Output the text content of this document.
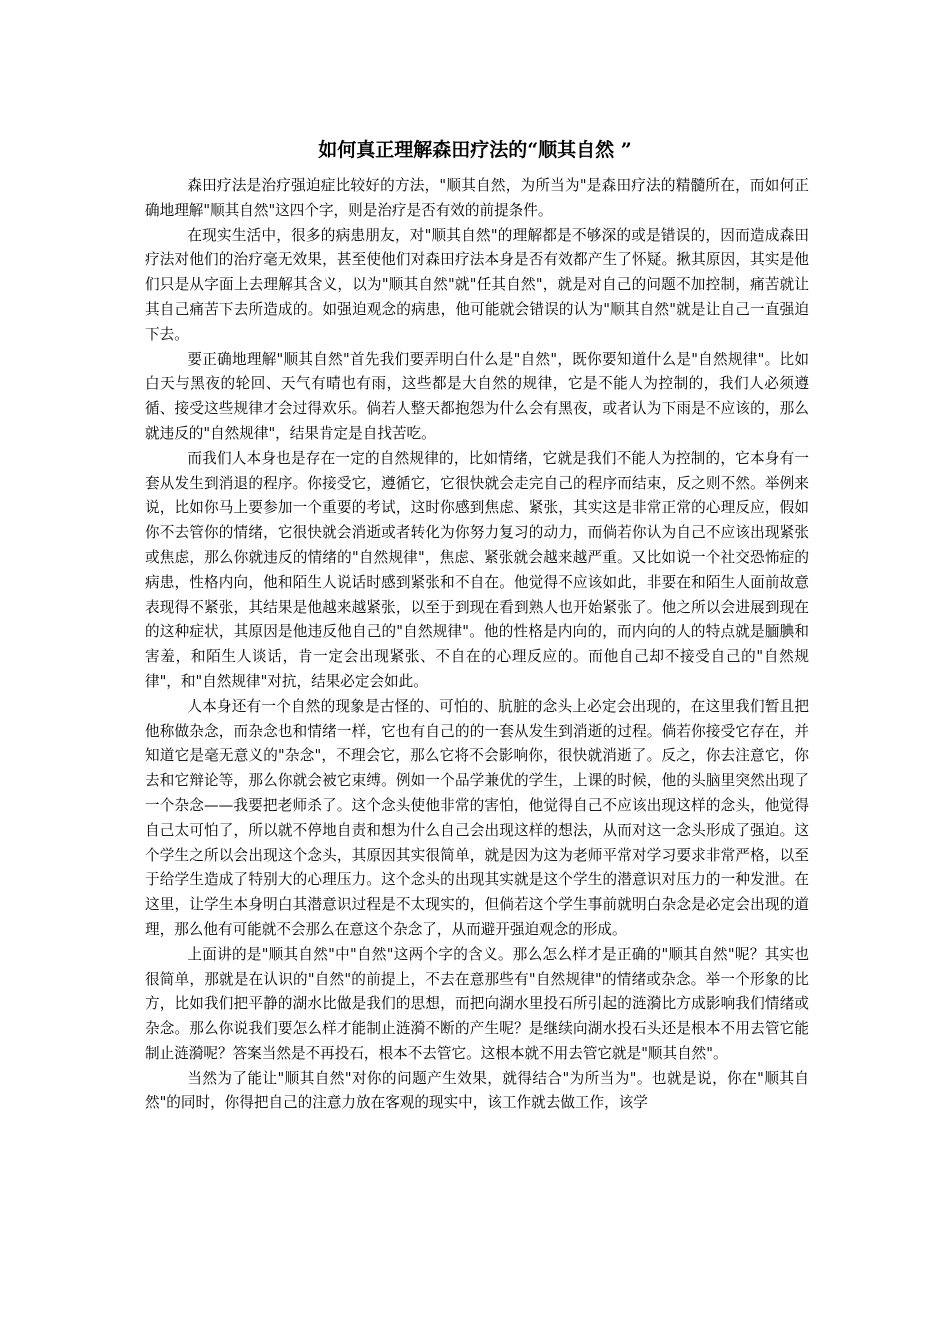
如何真正理解森田疗法的“顺其自然 ”

森田疗法是治疗强迫症比较好的方法，"顺其自然，为所当为"是森田疗法的精髓所在，而如何正确地理解"顺其自然"这四个字，则是治疗是否有效的前提条件。

在现实生活中，很多的病患朋友，对"顺其自然"的理解都是不够深的或是错误的，因而造成森田疗法对他们的治疗毫无效果，甚至使他们对森田疗法本身是否有效都产生了怀疑。揪其原因，其实是他们只是从字面上去理解其含义，以为"顺其自然"就"任其自然"，就是对自己的问题不加控制，痛苦就让其自己痛苦下去所造成的。如强迫观念的病患，他可能就会错误的认为"顺其自然"就是让自己一直强迫下去。

要正确地理解"顺其自然"首先我们要弄明白什么是"自然"，既你要知道什么是"自然规律"。比如白天与黑夜的轮回、天气有晴也有雨，这些都是大自然的规律，它是不能人为控制的，我们人必须遵循、接受这些规律才会过得欢乐。倘若人整天都抱怨为什么会有黑夜，或者认为下雨是不应该的，那么就违反的"自然规律"，结果肯定是自找苦吃。

而我们人本身也是存在一定的自然规律的，比如情绪，它就是我们不能人为控制的，它本身有一套从发生到消退的程序。你接受它，遵循它，它很快就会走完自己的程序而结束，反之则不然。举例来说，比如你马上要参加一个重要的考试，这时你感到焦虑、紧张，其实这是非常正常的心理反应，假如你不去管你的情绪，它很快就会消逝或者转化为你努力复习的动力，而倘若你认为自己不应该出现紧张或焦虑，那么你就违反的情绪的"自然规律"，焦虑、紧张就会越来越严重。又比如说一个社交恐怖症的病患，性格内向，他和陌生人说话时感到紧张和不自在。他觉得不应该如此，非要在和陌生人面前故意表现得不紧张，其结果是他越来越紧张，以至于到现在看到熟人也开始紧张了。他之所以会进展到现在的这种症状，其原因是他违反他自己的"自然规律"。他的性格是内向的，而内向的人的特点就是腼腆和害羞，和陌生人谈话，肯一定会出现紧张、不自在的心理反应的。而他自己却不接受自己的"自然规律"，和"自然规律"对抗，结果必定会如此。

人本身还有一个自然的现象是古怪的、可怕的、肮脏的念头上必定会出现的，在这里我们暂且把他称做杂念，而杂念也和情绪一样，它也有自己的的一套从发生到消逝的过程。倘若你接受它存在，并知道它是毫无意义的"杂念"，不理会它，那么它将不会影响你，很快就消逝了。反之，你去注意它，你去和它辩论等，那么你就会被它束缚。例如一个品学兼优的学生，上课的时候，他的头脑里突然出现了一个杂念——我要把老师杀了。这个念头使他非常的害怕，他觉得自己不应该出现这样的念头，他觉得自己太可怕了，所以就不停地自责和想为什么自己会出现这样的想法，从而对这一念头形成了强迫。这个学生之所以会出现这个念头，其原因其实很简单，就是因为这为老师平常对学习要求非常严格，以至于给学生造成了特别大的心理压力。这个念头的出现其实就是这个学生的潜意识对压力的一种发泄。在这里，让学生本身明白其潜意识过程是不太现实的，但倘若这个学生事前就明白杂念是必定会出现的道理，那么他有可能就不会那么在意这个杂念了，从而避开强迫观念的形成。

上面讲的是"顺其自然"中"自然"这两个字的含义。那么怎么样才是正确的"顺其自然"呢？其实也很简单，那就是在认识的"自然"的前提上，不去在意那些有"自然规律"的情绪或杂念。举一个形象的比方，比如我们把平静的湖水比做是我们的思想，而把向湖水里投石所引起的涟漪比方成影响我们情绪或杂念。那么你说我们要怎么样才能制止涟漪不断的产生呢？是继续向湖水投石头还是根本不用去管它能制止涟漪呢？答案当然是不再投石，根本不去管它。这根本就不用去管它就是"顺其自然"。

当然为了能让"顺其自然"对你的问题产生效果，就得结合"为所当为"。也就是说，你在"顺其自然"的同时，你得把自己的注意力放在客观的现实中，该工作就去做工作，该学
